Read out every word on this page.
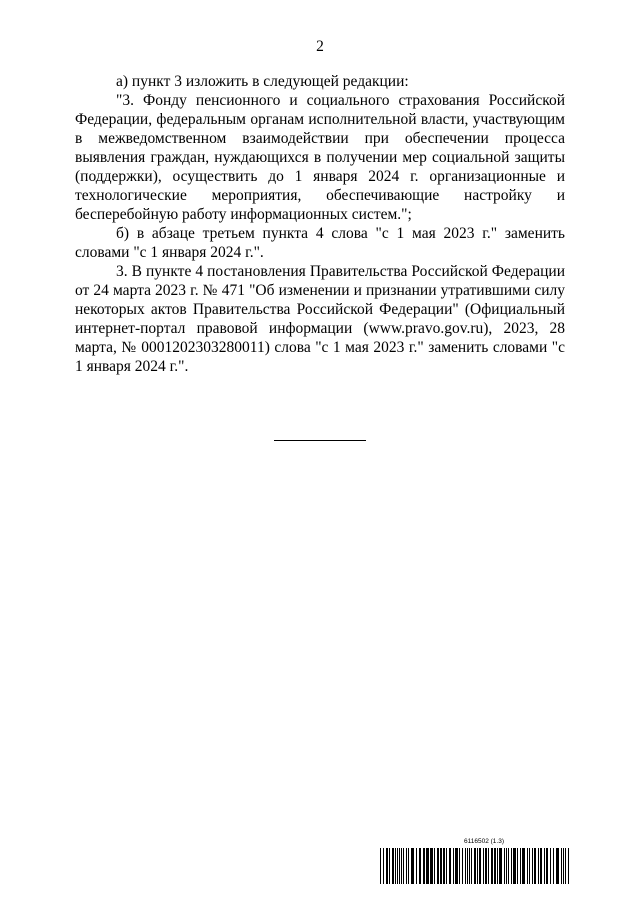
2

а) пункт 3 изложить в следующей редакции:

"3. Фонду пенсионного и социального страхования Российской Федерации, федеральным органам исполнительной власти, участвующим в межведомственном взаимодействии при обеспечении процесса выявления граждан, нуждающихся в получении мер социальной защиты (поддержки), осуществить до 1 января 2024 г. организационные и технологические мероприятия, обеспечивающие настройку и бесперебойную работу информационных систем.";

б) в абзаце третьем пункта 4 слова "с 1 мая 2023 г." заменить словами "с 1 января 2024 г.".

3. В пункте 4 постановления Правительства Российской Федерации от 24 марта 2023 г. № 471 "Об изменении и признании утратившими силу некоторых актов Правительства Российской Федерации" (Официальный интернет-портал правовой информации (www.pravo.gov.ru), 2023, 28 марта, № 0001202303280011) слова "с 1 мая 2023 г." заменить словами "с 1 января 2024 г.".

6116502 (1.3)
